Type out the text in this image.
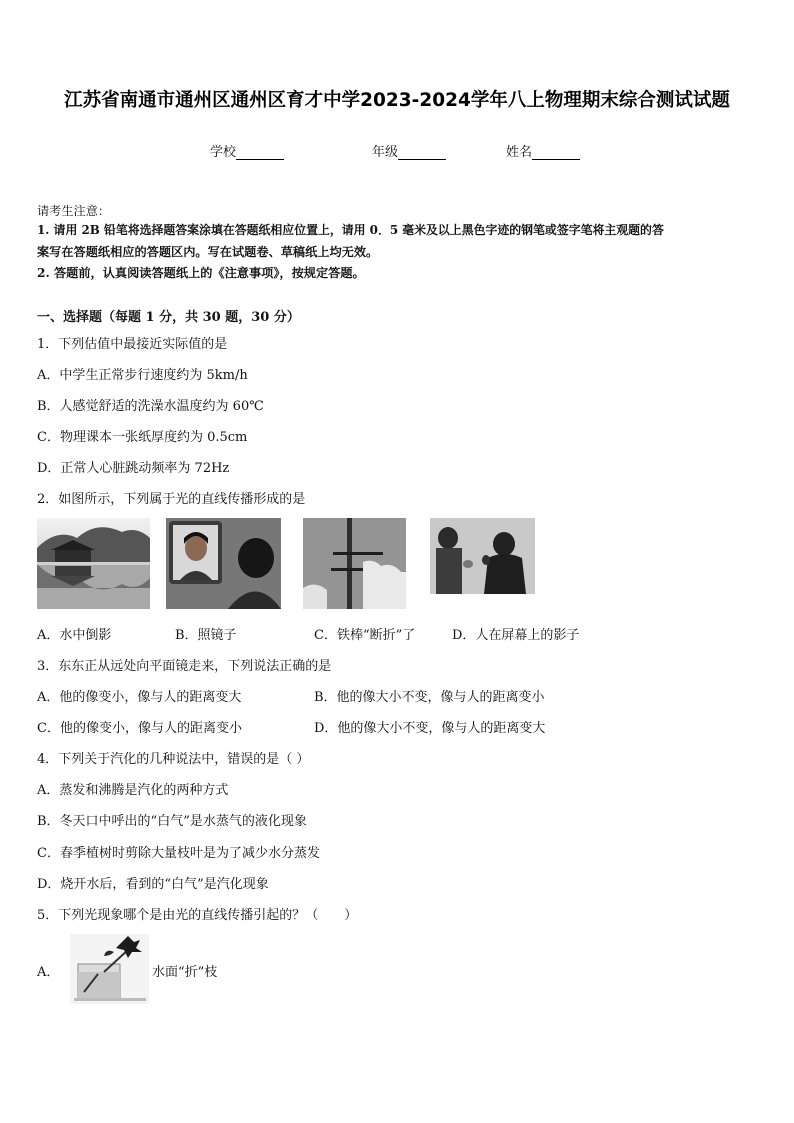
江苏省南通市通州区通州区育才中学2023-2024学年八上物理期末综合测试试题
学校	年级	姓名
请考生注意：
1. 请用 2B 铅笔将选择题答案涂填在答题纸相应位置上，请用 0．5 毫米及以上黑色字迹的钢笔或签字笔将主观题的答
案写在答题纸相应的答题区内。写在试题卷、草稿纸上均无效。
2. 答题前，认真阅读答题纸上的《注意事项》，按规定答题。
一、选择题（每题 1 分，共 30 题，30 分）
1．下列估值中最接近实际值的是
A．中学生正常步行速度约为 5km/h
B．人感觉舒适的洗澡水温度约为 60℃
C．物理课本一张纸厚度约为 0.5cm
D．正常人心脏跳动频率为 72Hz
2．如图所示，下列属于光的直线传播形成的是
A．水中倒影	B．照镜子	C．铁棒“断折”了	D．人在屏幕上的影子
3．东东正从远处向平面镜走来，下列说法正确的是
A．他的像变小，像与人的距离变大	B．他的像大小不变，像与人的距离变小
C．他的像变小，像与人的距离变小	D．他的像大小不变，像与人的距离变大
4．下列关于汽化的几种说法中，错误的是（ ）
A．蒸发和沸腾是汽化的两种方式
B．冬天口中呼出的“白气”是水蒸气的液化现象
C．春季植树时剪除大量枝叶是为了减少水分蒸发
D．烧开水后，看到的“白气”是汽化现象
5．下列光现象哪个是由光的直线传播引起的？（　　）
A．	水面“折”枝
